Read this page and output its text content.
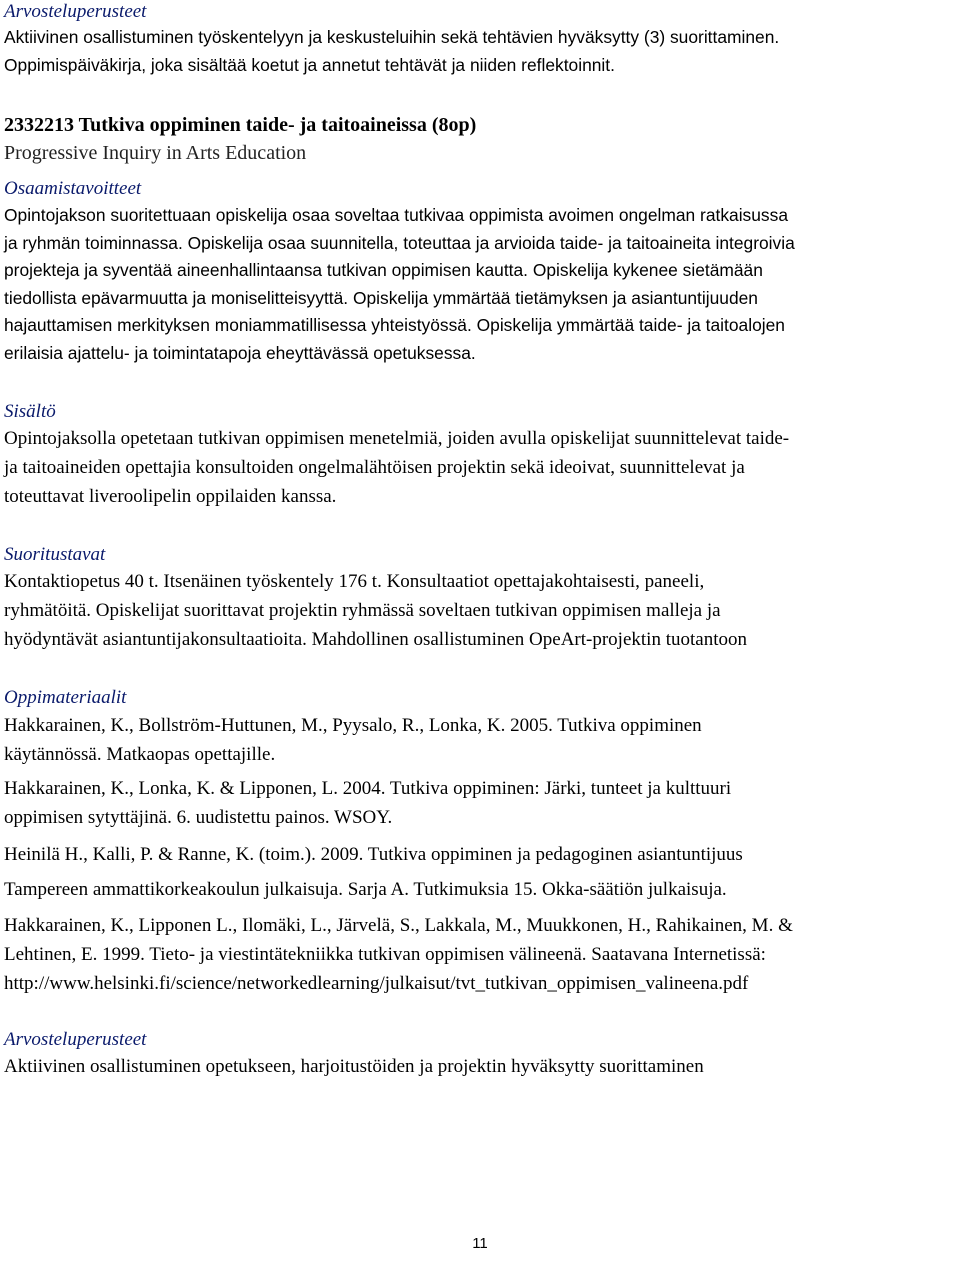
Arvosteluperusteet
Aktiivinen osallistuminen työskentelyyn ja keskusteluihin sekä tehtävien hyväksytty (3) suorittaminen.
Oppimispäiväkirja, joka sisältää koetut ja annetut tehtävät ja niiden reflektoinnit.
2332213 Tutkiva oppiminen taide- ja taitoaineissa (8op)
Progressive Inquiry in Arts Education
Osaamistavoitteet
Opintojakson suoritettuaan opiskelija osaa soveltaa tutkivaa oppimista avoimen ongelman ratkaisussa
ja ryhmän toiminnassa. Opiskelija osaa suunnitella, toteuttaa ja arvioida taide- ja taitoaineita integroivia
projekteja ja syventää aineenhallintaansa tutkivan oppimisen kautta. Opiskelija kykenee sietämään
tiedollista epävarmuutta ja moniselitteisyyttä. Opiskelija ymmärtää tietämyksen ja asiantuntijuuden
hajauttamisen merkityksen moniammatillisessa yhteistyössä. Opiskelija ymmärtää taide- ja taitoalojen
erilaisia ajattelu- ja toimintatapoja eheyttävässä opetuksessa.
Sisältö
Opintojaksolla opetetaan tutkivan oppimisen menetelmiä, joiden avulla opiskelijat suunnittelevat taide-
ja taitoaineiden opettajia konsultoiden ongelmalähtöisen projektin sekä ideoivat, suunnittelevat ja
toteuttavat liveroolipelin oppilaiden kanssa.
Suoritustavat
Kontaktiopetus 40 t. Itsenäinen työskentely 176 t. Konsultaatiot opettajakohtaisesti, paneeli,
ryhmätöitä. Opiskelijat suorittavat projektin ryhmässä soveltaen tutkivan oppimisen malleja ja
hyödyntävät asiantuntijakonsultaatioita. Mahdollinen osallistuminen OpeArt-projektin tuotantoon
Oppimateriaalit
Hakkarainen, K., Bollström-Huttunen, M., Pyysalo, R., Lonka, K. 2005. Tutkiva oppiminen
käytännössä. Matkaopas opettajille.
Hakkarainen, K., Lonka, K. & Lipponen, L. 2004. Tutkiva oppiminen: Järki, tunteet ja kulttuuri
oppimisen sytyttäjinä. 6. uudistettu painos. WSOY.
Heinilä H., Kalli, P. & Ranne, K. (toim.). 2009. Tutkiva oppiminen ja pedagoginen asiantuntijuus
Tampereen ammattikorkeakoulun julkaisuja. Sarja A. Tutkimuksia 15. Okka-säätiön julkaisuja.
Hakkarainen, K., Lipponen L., Ilomäki, L., Järvelä, S., Lakkala, M., Muukkonen, H., Rahikainen, M. &
Lehtinen, E. 1999. Tieto- ja viestintätekniikka tutkivan oppimisen välineenä. Saatavana Internetissä:
http://www.helsinki.fi/science/networkedlearning/julkaisut/tvt_tutkivan_oppimisen_valineena.pdf
Arvosteluperusteet
Aktiivinen osallistuminen opetukseen, harjoitustöiden ja projektin hyväksytty suorittaminen
11
